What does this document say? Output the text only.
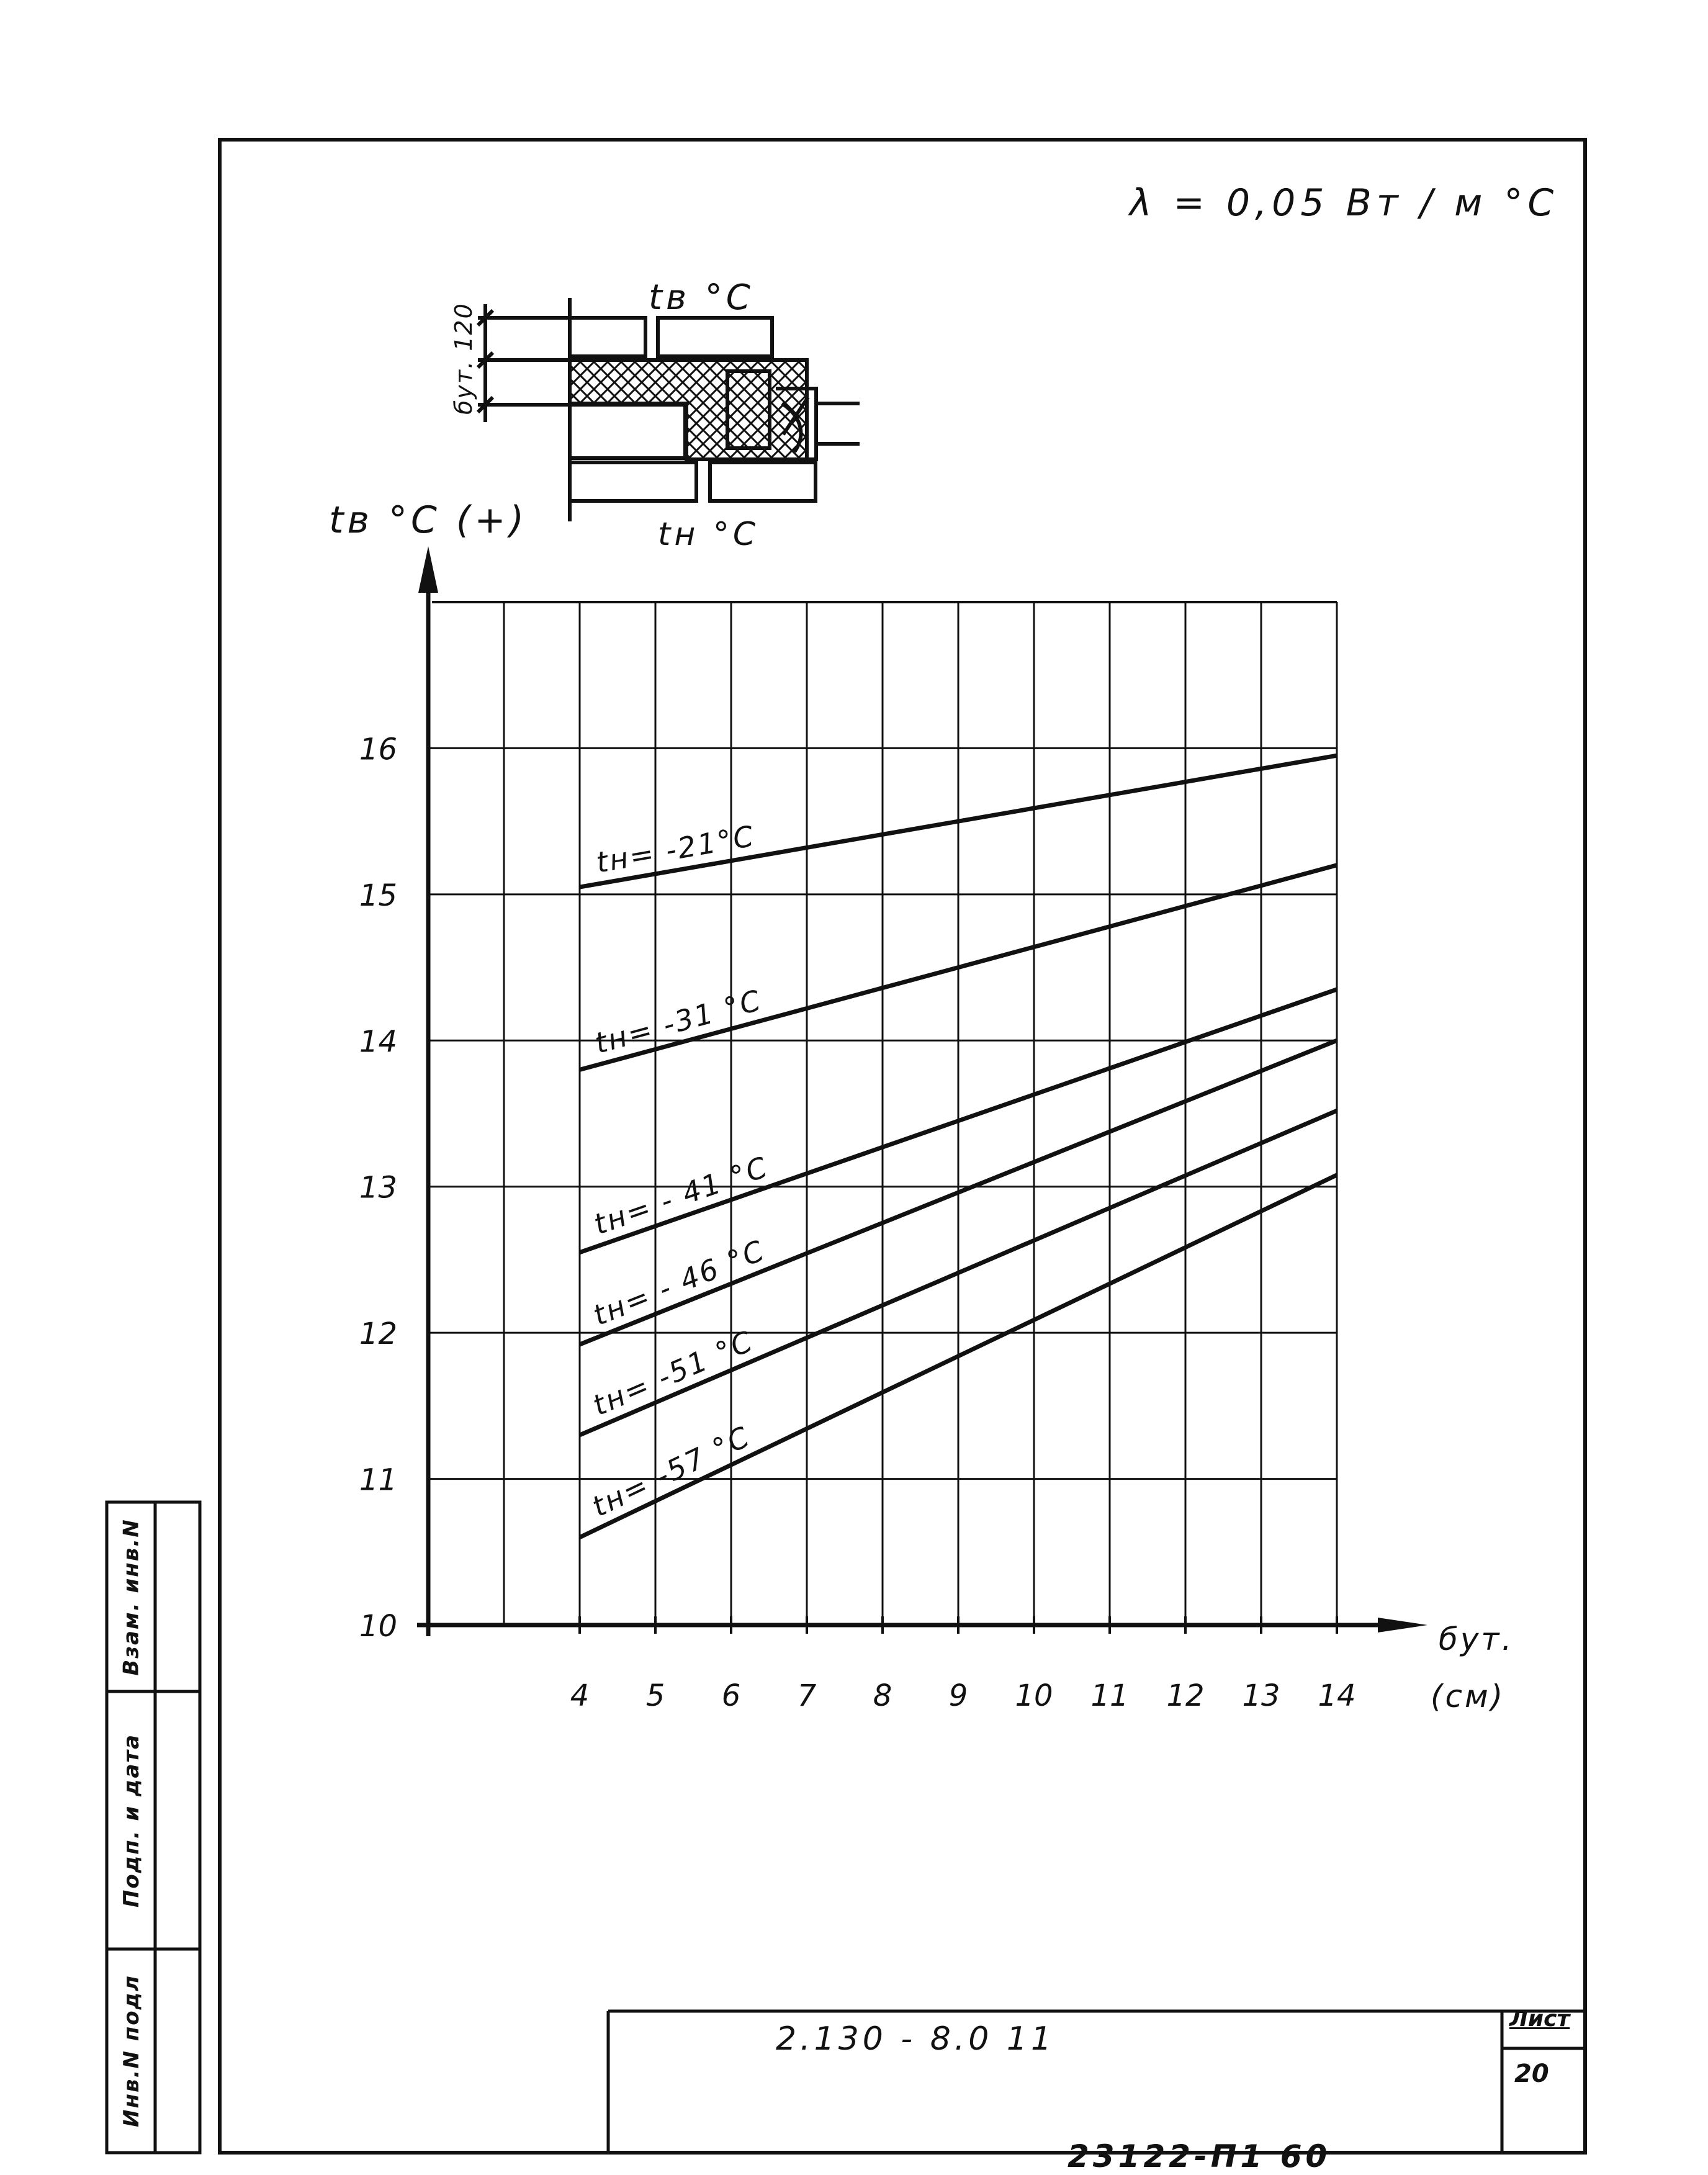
tв °С
tн °С
бут. 120
10
11
12
13
14
15
16
4 5 6 7 8 9 10 11 12 13 14
tн= -21°С
tн= -31 °С
tн= - 41 °С
tн= - 46 °С
tн= -51 °С
tн= -57 °С
tв °С (+)
бут.
(см)
λ = 0,05 Вт / м °С
Инв.N подл
Подп. и дата
Взам. инв.N
2.130 - 8.0 11
Лист
20
23122-П1 60
